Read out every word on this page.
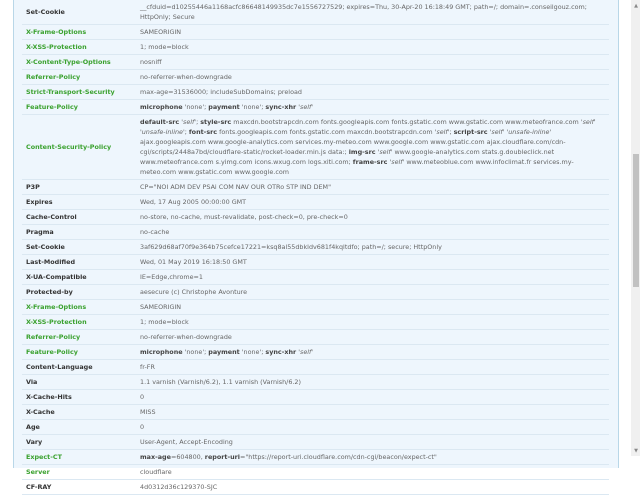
Set-Cookie	__cfduid=d10255446a1168acfc86648149935dc7e1556727529; expires=Thu, 30-Apr-20 16:18:49 GMT; path=/; domain=.conseilgouz.com; HttpOnly; Secure
X-Frame-Options	SAMEORIGIN
X-XSS-Protection	1; mode=block
X-Content-Type-Options	nosniff
Referrer-Policy	no-referrer-when-downgrade
Strict-Transport-Security	max-age=31536000; includeSubDomains; preload
Feature-Policy	microphone 'none'; payment 'none'; sync-xhr 'self'
Content-Security-Policy	default-src 'self'; style-src maxcdn.bootstrapcdn.com fonts.googleapis.com fonts.gstatic.com www.gstatic.com www.meteofrance.com 'self' 'unsafe-inline'; font-src fonts.googleapis.com fonts.gstatic.com maxcdn.bootstrapcdn.com 'self'; script-src 'self' 'unsafe-inline' ajax.googleapis.com www.google-analytics.com services.my-meteo.com www.google.com www.gstatic.com ajax.cloudflare.com/cdn-cgi/scripts/2448a7bd/cloudflare-static/rocket-loader.min.js data:; img-src 'self' www.google-analytics.com stats.g.doubleclick.net www.meteofrance.com s.yimg.com icons.wxug.com logs.xiti.com; frame-src 'self' www.meteoblue.com www.infoclimat.fr services.my-meteo.com www.gstatic.com www.google.com
P3P	CP="NOI ADM DEV PSAi COM NAV OUR OTRo STP IND DEM"
Expires	Wed, 17 Aug 2005 00:00:00 GMT
Cache-Control	no-store, no-cache, must-revalidate, post-check=0, pre-check=0
Pragma	no-cache
Set-Cookie	3af629d68af70f9e364b75cefce17221=ksq8al55dbkldv681f4kqltdfo; path=/; secure; HttpOnly
Last-Modified	Wed, 01 May 2019 16:18:50 GMT
X-UA-Compatible	IE=Edge,chrome=1
Protected-by	aesecure (c) Christophe Avonture
X-Frame-Options	SAMEORIGIN
X-XSS-Protection	1; mode=block
Referrer-Policy	no-referrer-when-downgrade
Feature-Policy	microphone 'none'; payment 'none'; sync-xhr 'self'
Content-Language	fr-FR
Via	1.1 varnish (Varnish/6.2), 1.1 varnish (Varnish/6.2)
X-Cache-Hits	0
X-Cache	MISS
Age	0
Vary	User-Agent, Accept-Encoding
Expect-CT	max-age=604800, report-uri="https://report-uri.cloudflare.com/cdn-cgi/beacon/expect-ct"
Server	cloudflare
CF-RAY	4d0312d36c129370-SJC
▲
▼
